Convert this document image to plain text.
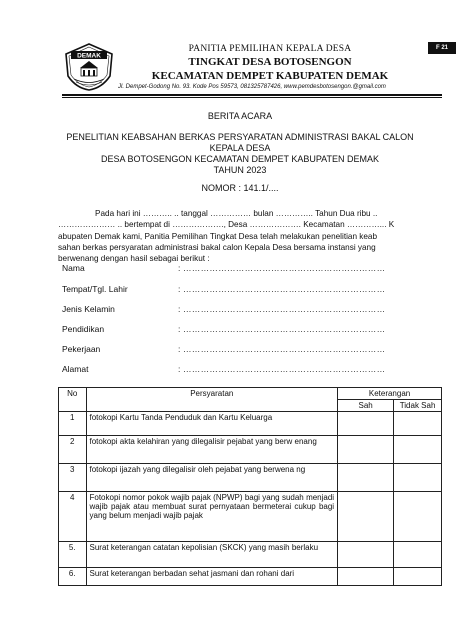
F 21
DEMAK
PANITIA PEMILIHAN KEPALA DESA
TINGKAT DESA BOTOSENGON
KECAMATAN DEMPET KABUPATEN DEMAK
Jl. Dempet-Godong No. 93. Kode Pos 59573, 081325787426, www.pemdesbotosengon.@gmail.com
BERITA ACARA
PENELITIAN KEABSAHAN BERKAS PERSYARATAN ADMINISTRASI BAKAL CALON
KEPALA DESA
DESA BOTOSENGON KECAMATAN DEMPET KABUPATEN DEMAK
TAHUN 2023
NOMOR : 141.1/....
Pada hari ini ……….. .. tanggal …………… bulan ………….. Tahun Dua ribu ..
………………… .. bertempat di ………………., Desa ………………. Kecamatan …………... K
abupaten Demak kami, Panitia Pemilihan Tingkat Desa telah melakukan penelitian keab
sahan berkas persyaratan administrasi bakal calon Kepala Desa bersama instansi yang
berwenang dengan hasil sebagai berikut :
Nama	: ……………………………………………………………
Tempat/Tgl. Lahir	: ……………………………………………………………
Jenis Kelamin	: ……………………………………………………………
Pendidikan	: ……………………………………………………………
Pekerjaan	: ……………………………………………………………
Alamat	: ……………………………………………………………
No	Persyaratan	Keterangan	
		Sah	Tidak Sah
1	fotokopi Kartu Tanda Penduduk dan Kartu Keluarga		
2	fotokopi akta kelahiran yang dilegalisir pejabat yang berw enang		
3	fotokopi ijazah yang dilegalisir oleh pejabat yang berwena ng		
4	Fotokopi nomor pokok wajib pajak (NPWP) bagi yang sudah menjadi wajib pajak atau membuat surat pernyataan bermeterai cukup bagi yang belum menjadi wajib pajak		
5.	Surat keterangan catatan kepolisian (SKCK) yang masih berlaku		
6.	Surat keterangan berbadan sehat jasmani dan rohani dari		
